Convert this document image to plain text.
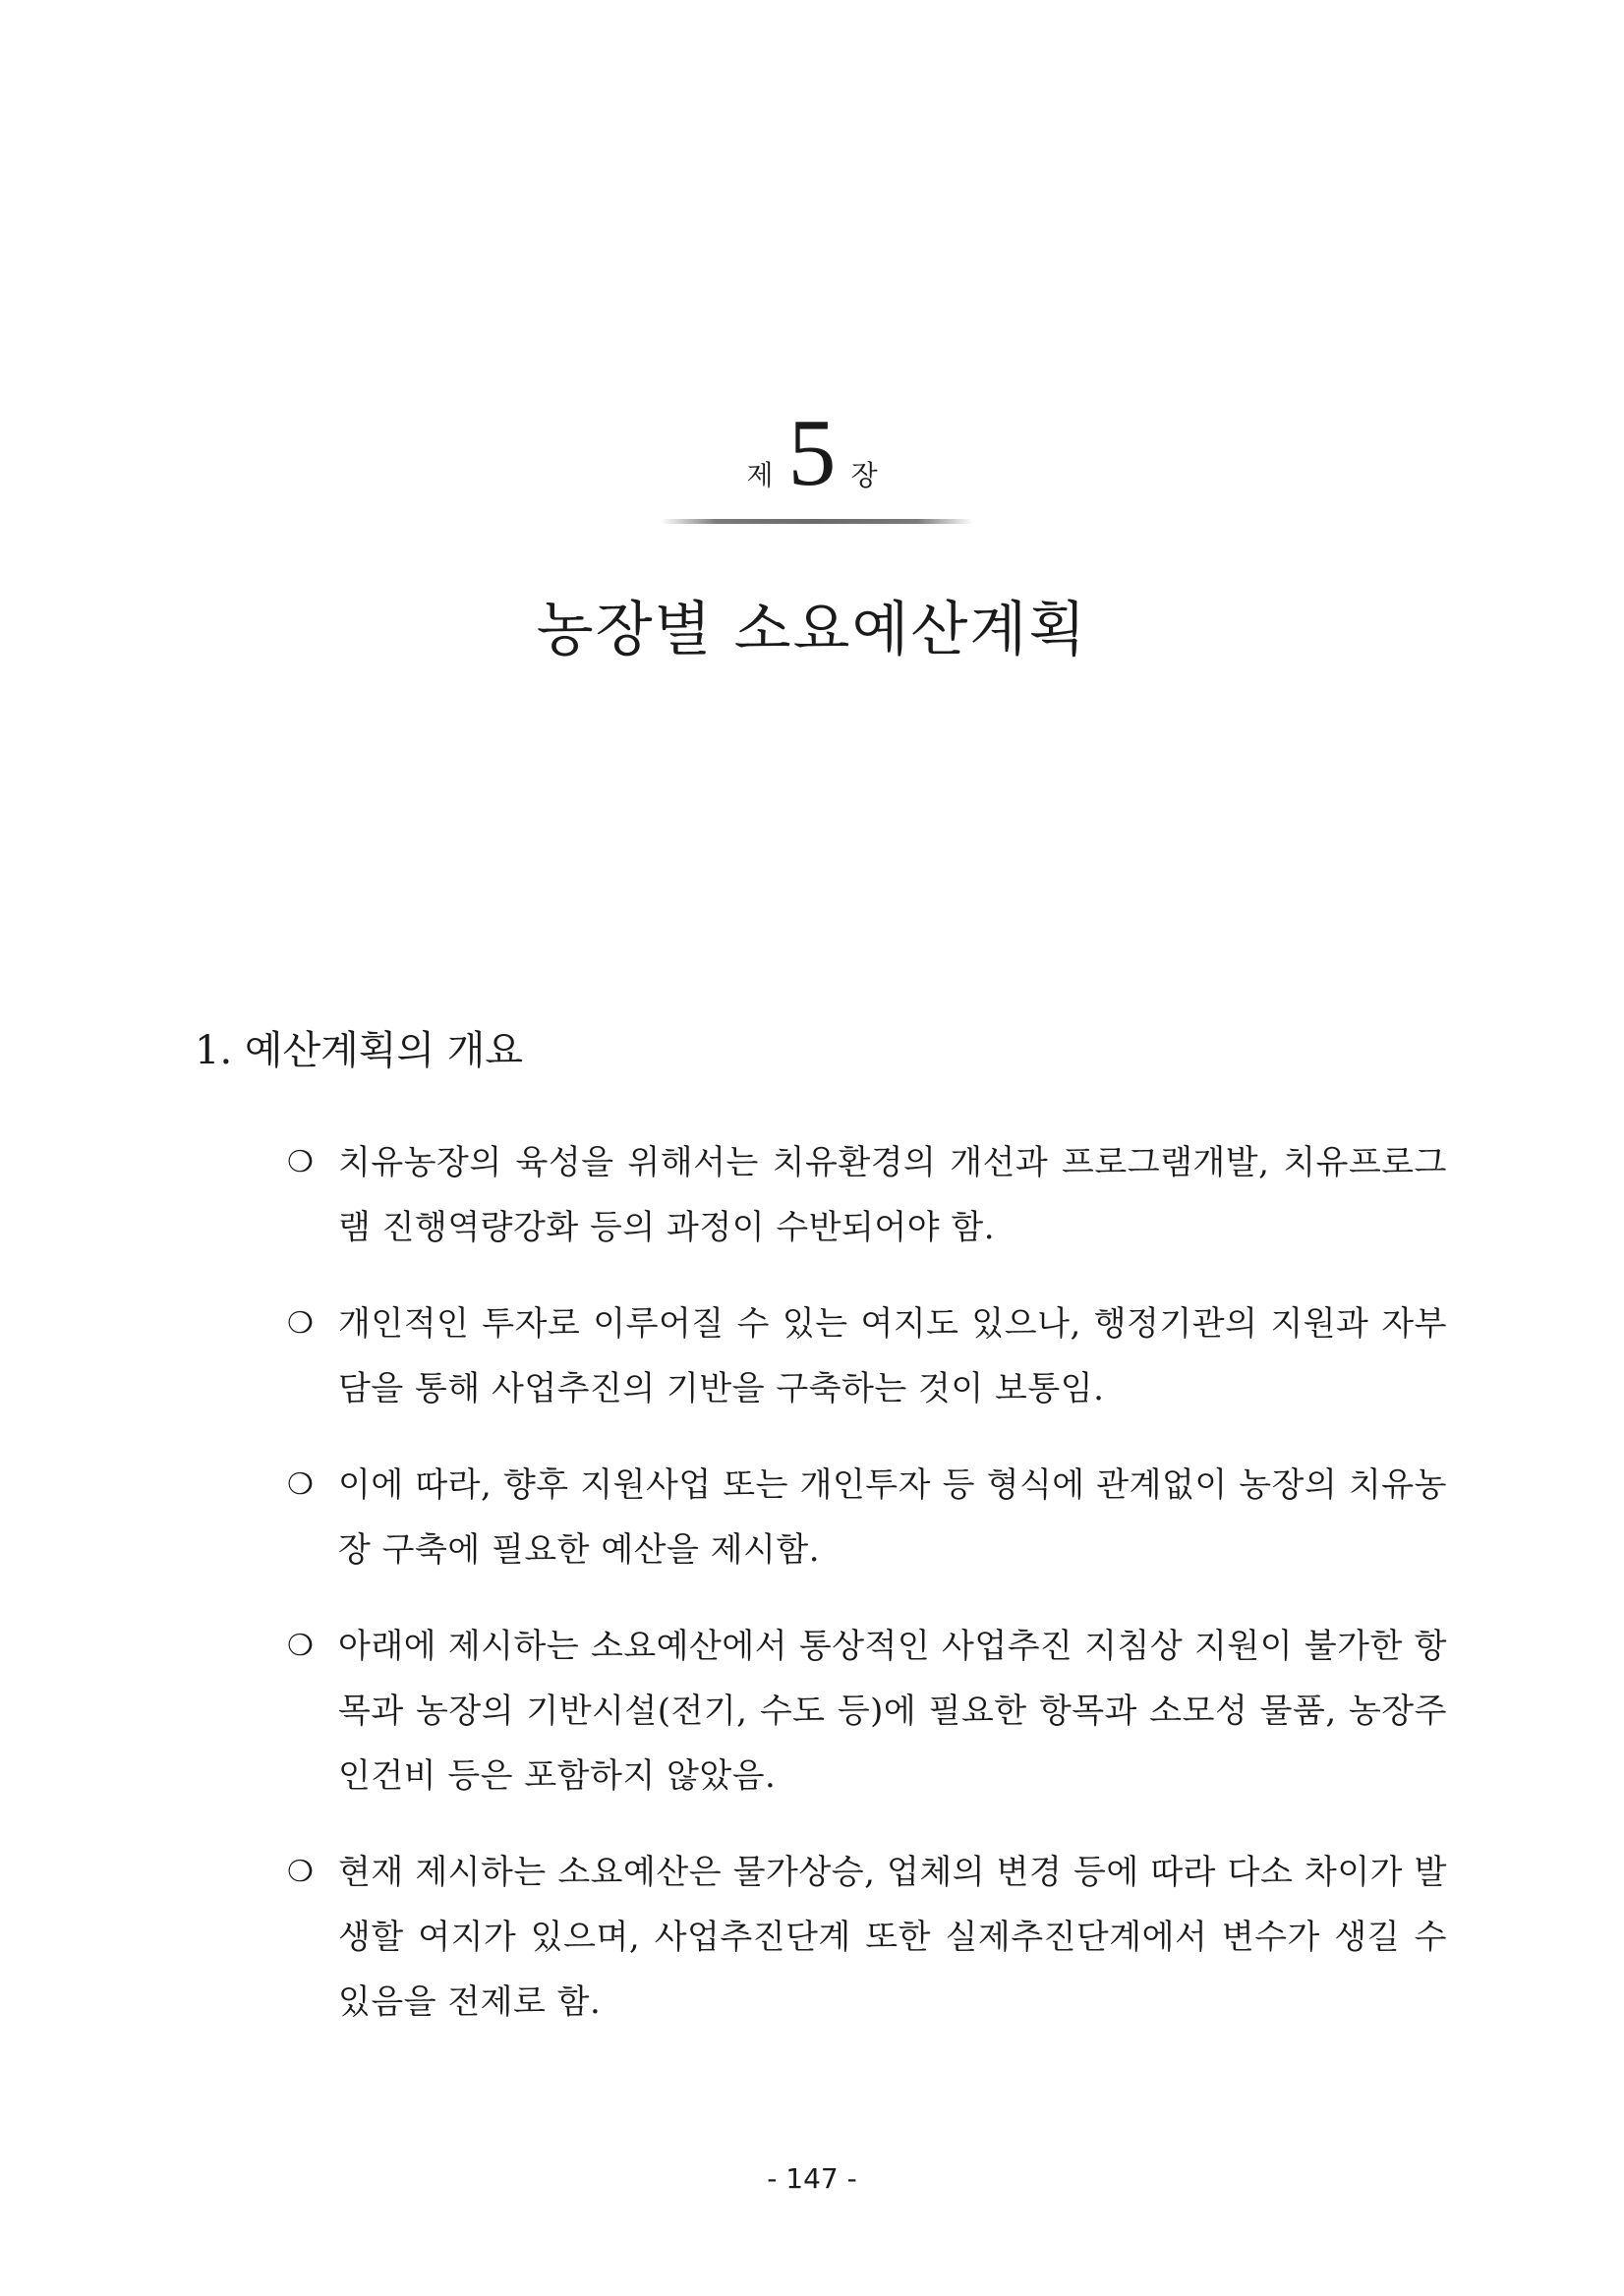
제 5 장
농장별 소요예산계획
1. 예산계획의 개요
❍ 치유농장의 육성을 위해서는 치유환경의 개선과 프로그램개발, 치유프로그램 진행역량강화 등의 과정이 수반되어야 함.
❍ 개인적인 투자로 이루어질 수 있는 여지도 있으나, 행정기관의 지원과 자부담을 통해 사업추진의 기반을 구축하는 것이 보통임.
❍ 이에 따라, 향후 지원사업 또는 개인투자 등 형식에 관계없이 농장의 치유농장 구축에 필요한 예산을 제시함.
❍ 아래에 제시하는 소요예산에서 통상적인 사업추진 지침상 지원이 불가한 항목과 농장의 기반시설(전기, 수도 등)에 필요한 항목과 소모성 물품, 농장주 인건비 등은 포함하지 않았음.
❍ 현재 제시하는 소요예산은 물가상승, 업체의 변경 등에 따라 다소 차이가 발생할 여지가 있으며, 사업추진단계 또한 실제추진단계에서 변수가 생길 수 있음을 전제로 함.
- 147 -
